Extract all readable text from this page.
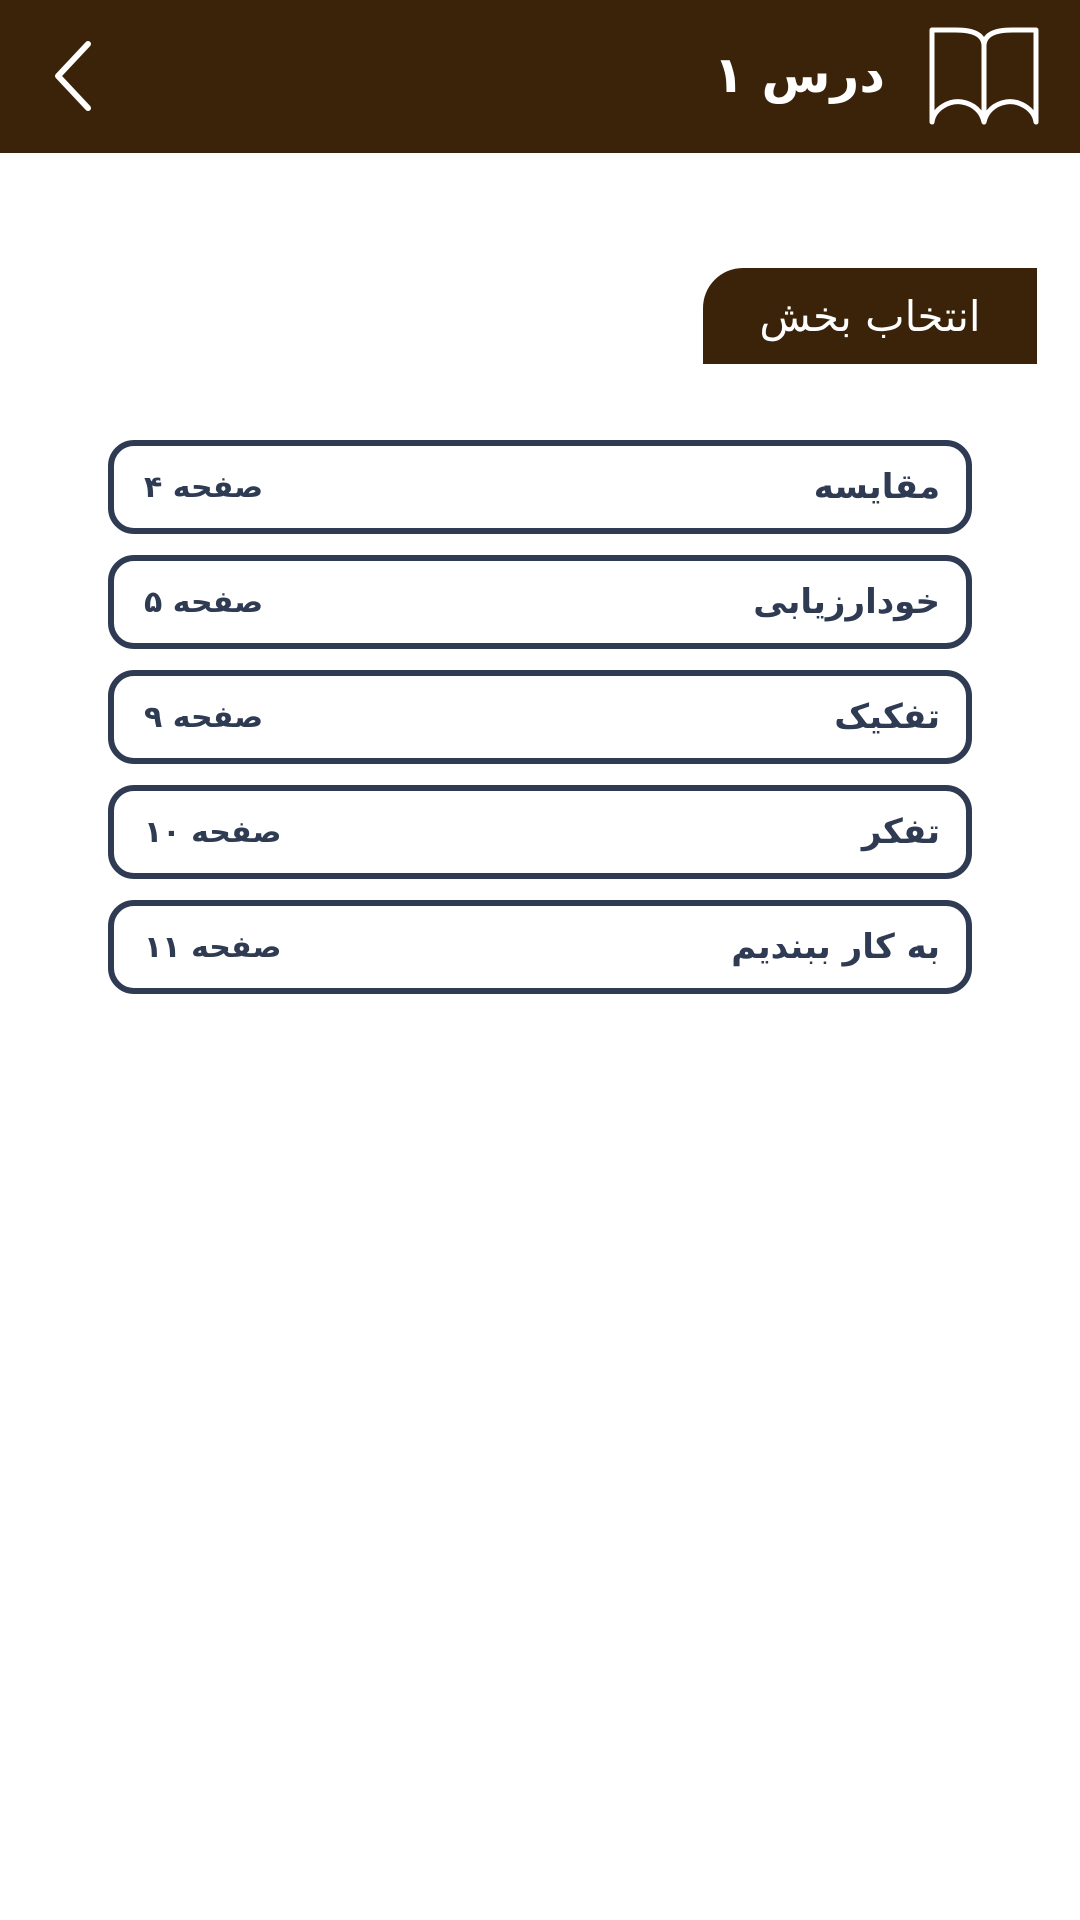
درس ۱
انتخاب بخش
صفحه ۴	مقایسه
صفحه ۵	خودارزیابی
صفحه ۹	تفکیک
صفحه ۱۰	تفکر
صفحه ۱۱	به کار ببندیم
